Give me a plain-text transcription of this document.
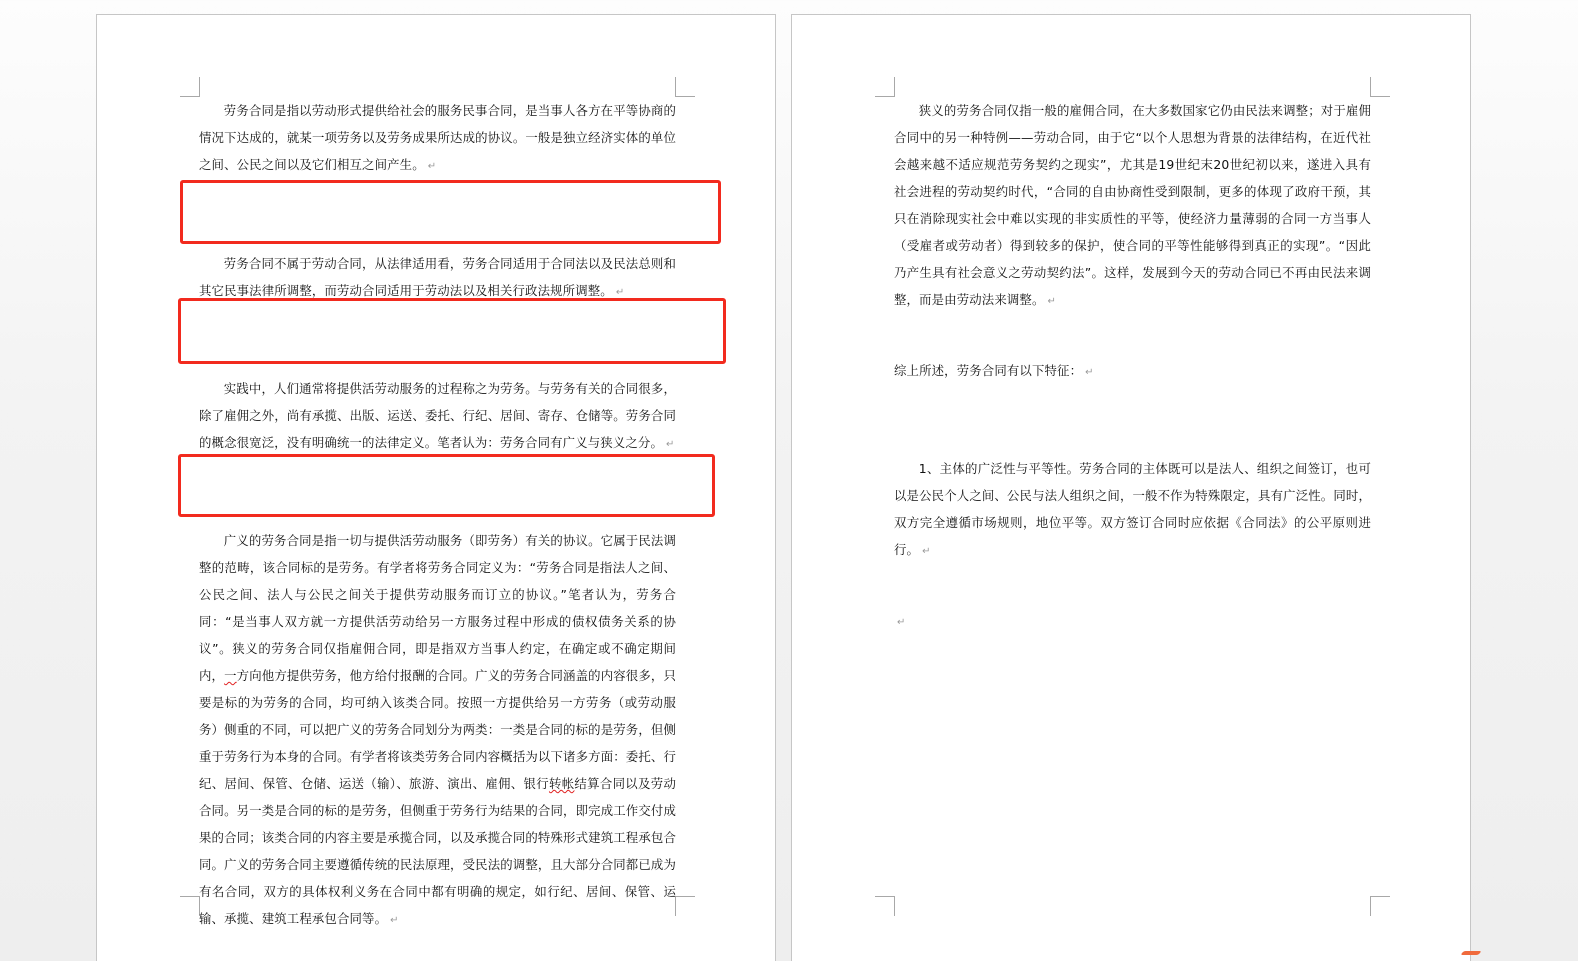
劳务合同是指以劳动形式提供给社会的服务民事合同，是当事人各方在平等协商的情况下达成的，就某一项劳务以及劳务成果所达成的协议。一般是独立经济实体的单位之间、公民之间以及它们相互之间产生。 ↵

劳务合同不属于劳动合同，从法律适用看，劳务合同适用于合同法以及民法总则和其它民事法律所调整，而劳动合同适用于劳动法以及相关行政法规所调整。 ↵

实践中，人们通常将提供活劳动服务的过程称之为劳务。与劳务有关的合同很多，除了雇佣之外，尚有承揽、出版、运送、委托、行纪、居间、寄存、仓储等。劳务合同的概念很宽泛，没有明确统一的法律定义。笔者认为：劳务合同有广义与狭义之分。 ↵

广义的劳务合同是指一切与提供活劳动服务（即劳务）有关的协议。它属于民法调整的范畴，该合同标的是劳务。有学者将劳务合同定义为：“劳务合同是指法人之间、公民之间、法人与公民之间关于提供劳动服务而订立的协议。”笔者认为，劳务合同：“是当事人双方就一方提供活劳动给另一方服务过程中形成的债权债务关系的协议”。狭义的劳务合同仅指雇佣合同，即是指双方当事人约定，在确定或不确定期间内，一方向他方提供劳务，他方给付报酬的合同。广义的劳务合同涵盖的内容很多，只要是标的为劳务的合同，均可纳入该类合同。按照一方提供给另一方劳务（或劳动服务）侧重的不同，可以把广义的劳务合同划分为两类：一类是合同的标的是劳务，但侧重于劳务行为本身的合同。有学者将该类劳务合同内容概括为以下诸多方面：委托、行纪、居间、保管、仓储、运送（输）、旅游、演出、雇佣、银行转帐结算合同以及劳动合同。另一类是合同的标的是劳务，但侧重于劳务行为结果的合同，即完成工作交付成果的合同；该类合同的内容主要是承揽合同，以及承揽合同的特殊形式建筑工程承包合同。广义的劳务合同主要遵循传统的民法原理，受民法的调整，且大部分合同都已成为有名合同，双方的具体权利义务在合同中都有明确的规定，如行纪、居间、保管、运输、承揽、建筑工程承包合同等。 ↵

狭义的劳务合同仅指一般的雇佣合同，在大多数国家它仍由民法来调整；对于雇佣合同中的另一种特例——劳动合同，由于它“以个人思想为背景的法律结构，在近代社会越来越不适应规范劳务契约之现实”，尤其是19世纪末20世纪初以来，遂进入具有社会进程的劳动契约时代，“合同的自由协商性受到限制，更多的体现了政府干预，其只在消除现实社会中难以实现的非实质性的平等，使经济力量薄弱的合同一方当事人（受雇者或劳动者）得到较多的保护，使合同的平等性能够得到真正的实现”。“因此乃产生具有社会意义之劳动契约法”。这样，发展到今天的劳动合同已不再由民法来调整，而是由劳动法来调整。 ↵

综上所述，劳务合同有以下特征： ↵

1、主体的广泛性与平等性。劳务合同的主体既可以是法人、组织之间签订，也可以是公民个人之间、公民与法人组织之间，一般不作为特殊限定，具有广泛性。同时，双方完全遵循市场规则，地位平等。双方签订合同时应依据《合同法》的公平原则进行。 ↵

↵
